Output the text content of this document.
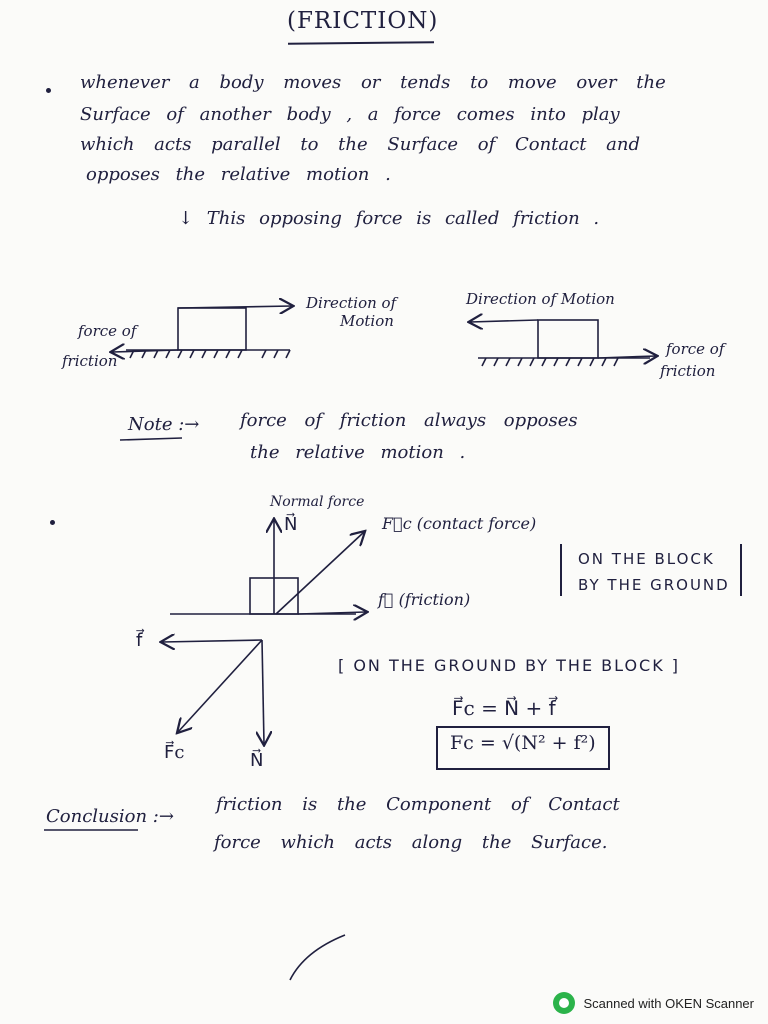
(FRICTION)
whenever a body moves or tends to move over the
Surface of another body , a force comes into play
which acts parallel to the Surface of Contact and
opposes the relative motion .
↓ This opposing force is called friction .
force of
friction
Direction of
Motion
Direction of Motion
force of
friction
Note :→ force of friction always opposes
the relative motion .
Normal force
N⃗	F⃗c (contact force)
f⃗ (friction)
ON THE BLOCK
BY THE GROUND
f⃗
F⃗c	N⃗
[ ON THE GROUND BY THE BLOCK ]
F⃗c = N⃗ + f⃗
Fc = √(N² + f²)
Conclusion :→
friction is the Component of Contact
force which acts along the Surface.
Scanned with OKEN Scanner
